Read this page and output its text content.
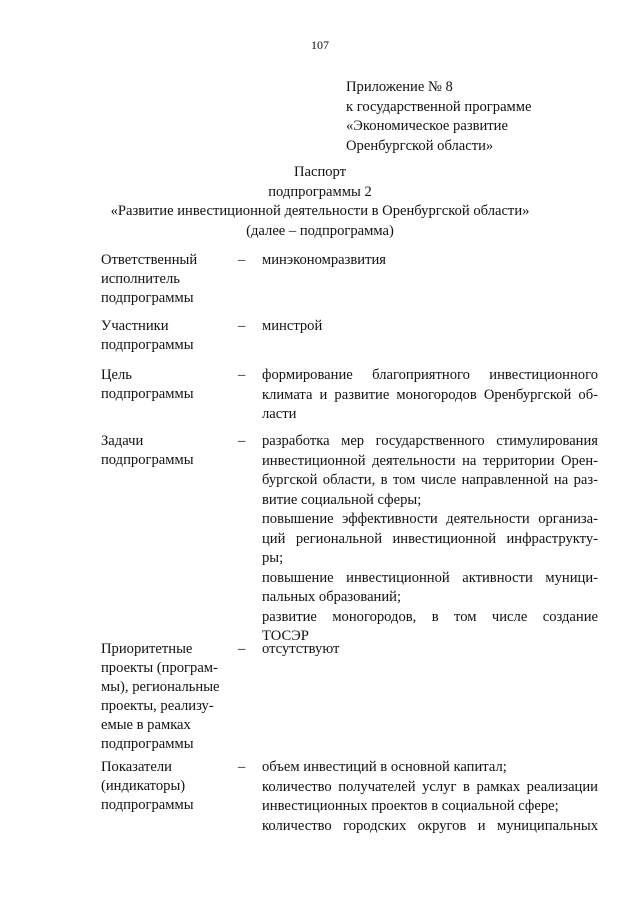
107
Приложение № 8
к государственной программе
«Экономическое развитие
Оренбургской области»
Паспорт
подпрограммы 2
«Развитие инвестиционной деятельности в Оренбургской области»
(далее – подпрограмма)
Ответственный
исполнитель
подпрограммы
– минэкономразвития
Участники
подпрограммы
– минстрой
Цель
подпрограммы
– формирование благоприятного инвестиционного

климата и развитие моногородов Оренбургской об-

ласти

Задачи
подпрограммы
– разработка мер государственного стимулирования

инвестиционной деятельности на территории Орен-

бургской области, в том числе направленной на раз-

витие социальной сферы;

повышение эффективности деятельности организа-

ций региональной инвестиционной инфраструкту-

ры;

повышение инвестиционной активности муници-

пальных образований;

развитие моногородов, в том числе создание

ТОСЭР

Приоритетные
проекты (програм-
мы), региональные
проекты, реализу-
емые в рамках
подпрограммы
– отсутствуют
Показатели
(индикаторы)
подпрограммы
– объем инвестиций в основной капитал;

количество получателей услуг в рамках реализации

инвестиционных проектов в социальной сфере;

количество городских округов и муниципальных
